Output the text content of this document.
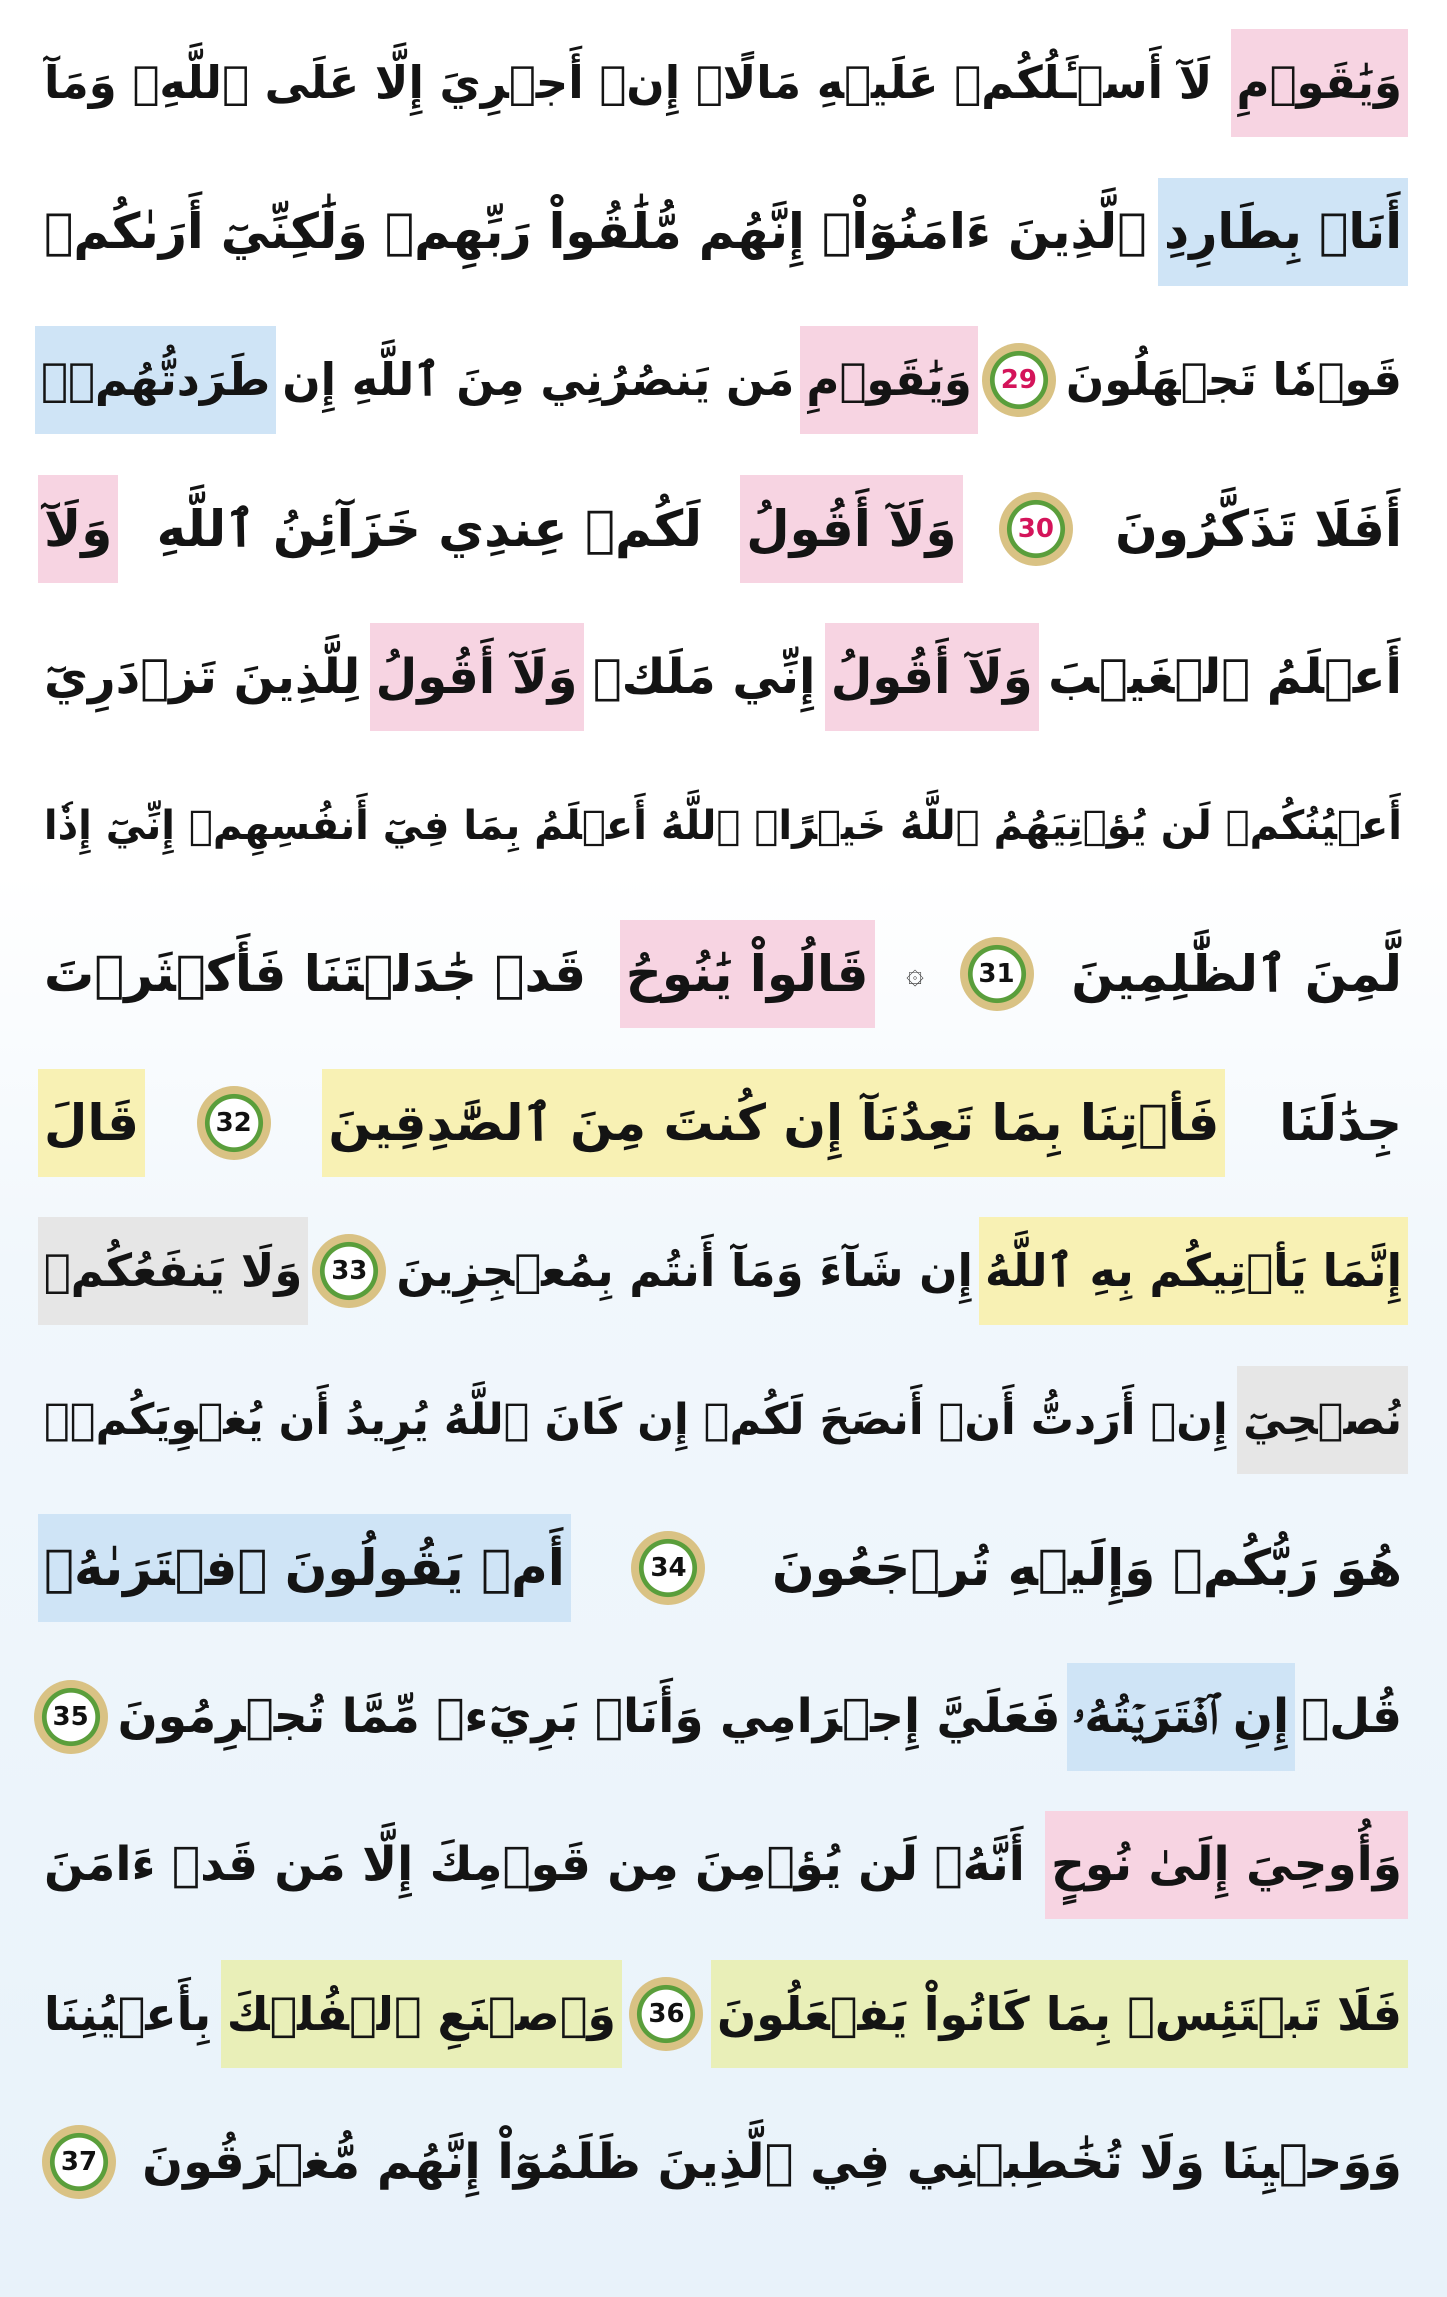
وَيَٰقَوۡمِ
لَآ أَسۡـَٔلُكُمۡ عَلَيۡهِ مَالًاۖ إِنۡ أَجۡرِيَ إِلَّا عَلَى ٱللَّهِۚ وَمَآ
أَنَا۠ بِطَارِدِ
ٱلَّذِينَ ءَامَنُوٓاْۚ إِنَّهُم مُّلَٰقُواْ رَبِّهِمۡ وَلَٰكِنِّيٓ أَرَىٰكُمۡ
قَوۡمٗا تَجۡهَلُونَ
29
وَيَٰقَوۡمِ
مَن يَنصُرُنِي مِنَ ٱللَّهِ إِن
طَرَدتُّهُمۡۚ
أَفَلَا تَذَكَّرُونَ
30
وَلَآ أَقُولُ
لَكُمۡ عِندِي خَزَآئِنُ ٱللَّهِ
وَلَآ
أَعۡلَمُ ٱلۡغَيۡبَ
وَلَآ أَقُولُ
إِنِّي مَلَكٞ
وَلَآ أَقُولُ
لِلَّذِينَ تَزۡدَرِيٓ
أَعۡيُنُكُمۡ لَن يُؤۡتِيَهُمُ ٱللَّهُ خَيۡرًاۖ ٱللَّهُ أَعۡلَمُ بِمَا فِيٓ أَنفُسِهِمۡ إِنِّيٓ إِذٗا
لَّمِنَ ٱلظَّٰلِمِينَ
31
۞
قَالُواْ يَٰنُوحُ
قَدۡ جَٰدَلۡتَنَا فَأَكۡثَرۡتَ
جِدَٰلَنَا
فَأۡتِنَا بِمَا تَعِدُنَآ إِن كُنتَ مِنَ ٱلصَّٰدِقِينَ
32
قَالَ
إِنَّمَا يَأۡتِيكُم بِهِ ٱللَّهُ
إِن شَآءَ وَمَآ أَنتُم بِمُعۡجِزِينَ
33
وَلَا يَنفَعُكُمۡ
نُصۡحِيٓ
إِنۡ أَرَدتُّ أَنۡ أَنصَحَ لَكُمۡ إِن كَانَ ٱللَّهُ يُرِيدُ أَن يُغۡوِيَكُمۡۚ
هُوَ رَبُّكُمۡ وَإِلَيۡهِ تُرۡجَعُونَ
34
أَمۡ يَقُولُونَ ٱفۡتَرَىٰهُۖ
قُلۡ
إِنِ ٱفۡتَرَيۡتُهُۥ
فَعَلَيَّ إِجۡرَامِي وَأَنَا۠ بَرِيٓءٞ مِّمَّا تُجۡرِمُونَ
35
وَأُوحِيَ إِلَىٰ نُوحٍ
أَنَّهُۥ لَن يُؤۡمِنَ مِن قَوۡمِكَ إِلَّا مَن قَدۡ ءَامَنَ
فَلَا تَبۡتَئِسۡ بِمَا كَانُواْ يَفۡعَلُونَ
36
وَٱصۡنَعِ ٱلۡفُلۡكَ
بِأَعۡيُنِنَا
وَوَحۡيِنَا وَلَا تُخَٰطِبۡنِي فِي ٱلَّذِينَ ظَلَمُوٓاْ إِنَّهُم مُّغۡرَقُونَ
37
